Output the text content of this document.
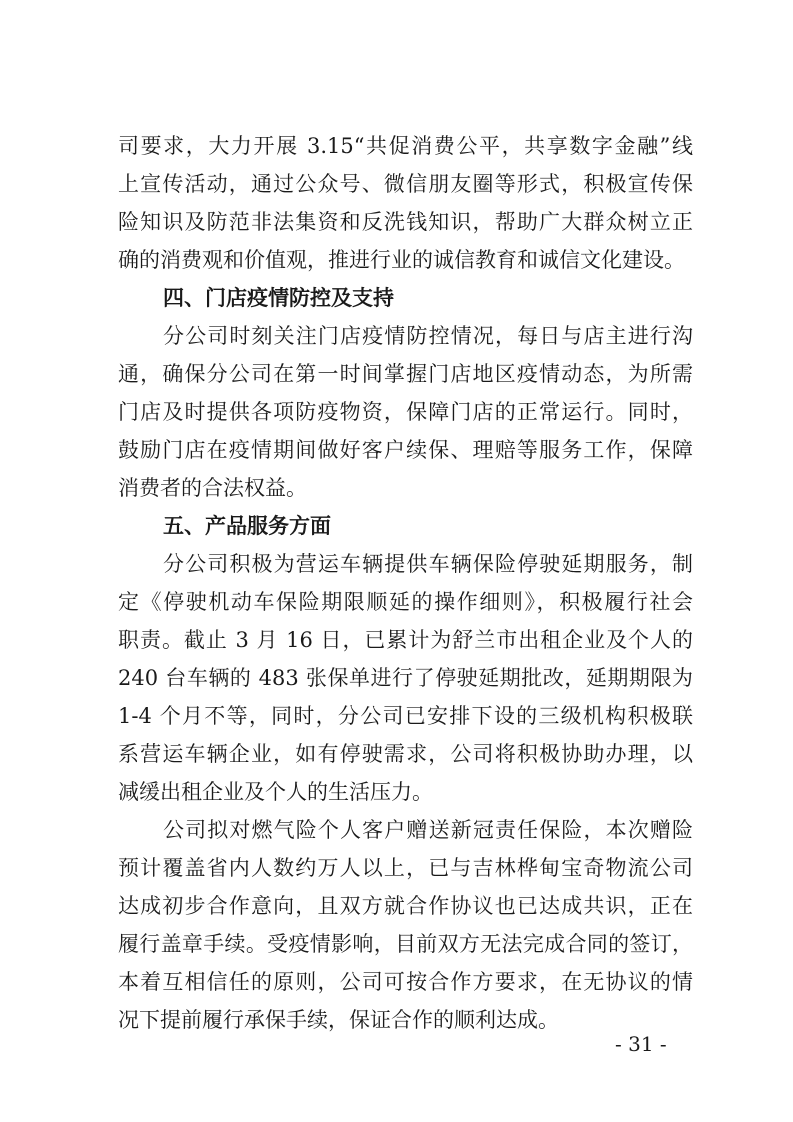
司要求，大力开展 3.15“共促消费公平，共享数字金融”线
上宣传活动，通过公众号、微信朋友圈等形式，积极宣传保
险知识及防范非法集资和反洗钱知识，帮助广大群众树立正
确的消费观和价值观，推进行业的诚信教育和诚信文化建设。
四、门店疫情防控及支持
分公司时刻关注门店疫情防控情况，每日与店主进行沟
通，确保分公司在第一时间掌握门店地区疫情动态，为所需
门店及时提供各项防疫物资，保障门店的正常运行。同时，
鼓励门店在疫情期间做好客户续保、理赔等服务工作，保障
消费者的合法权益。
五、产品服务方面
分公司积极为营运车辆提供车辆保险停驶延期服务，制
定《停驶机动车保险期限顺延的操作细则》，积极履行社会
职责。截止 3 月 16 日，已累计为舒兰市出租企业及个人的
240 台车辆的 483 张保单进行了停驶延期批改，延期期限为
1-4 个月不等，同时，分公司已安排下设的三级机构积极联
系营运车辆企业，如有停驶需求，公司将积极协助办理，以
减缓出租企业及个人的生活压力。
公司拟对燃气险个人客户赠送新冠责任保险，本次赠险
预计覆盖省内人数约万人以上，已与吉林桦甸宝奇物流公司
达成初步合作意向，且双方就合作协议也已达成共识，正在
履行盖章手续。受疫情影响，目前双方无法完成合同的签订，
本着互相信任的原则，公司可按合作方要求，在无协议的情
况下提前履行承保手续，保证合作的顺利达成。
- 31 -
